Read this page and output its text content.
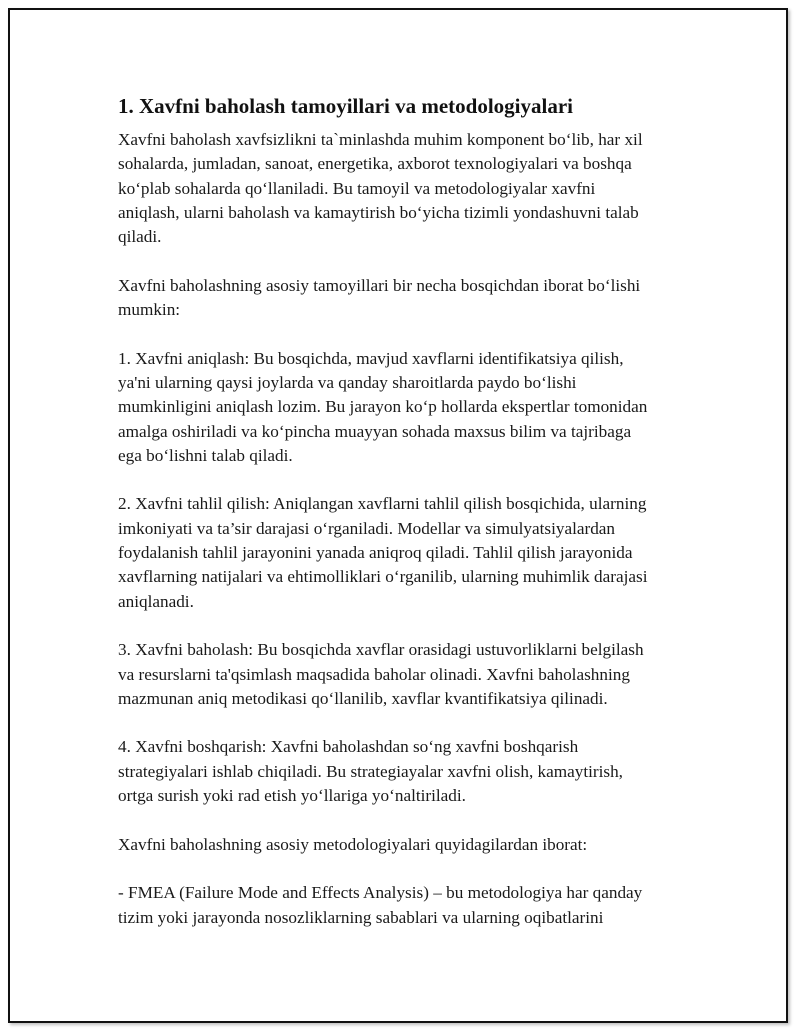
1. Xavfni baholash tamoyillari va metodologiyalari

Xavfni baholash xavfsizlikni ta`minlashda muhim komponent bo‘lib, har xil
sohalarda, jumladan, sanoat, energetika, axborot texnologiyalari va boshqa
ko‘plab sohalarda qo‘llaniladi. Bu tamoyil va metodologiyalar xavfni
aniqlash, ularni baholash va kamaytirish bo‘yicha tizimli yondashuvni talab
qiladi.

Xavfni baholashning asosiy tamoyillari bir necha bosqichdan iborat bo‘lishi
mumkin:

1. Xavfni aniqlash: Bu bosqichda, mavjud xavflarni identifikatsiya qilish,
ya'ni ularning qaysi joylarda va qanday sharoitlarda paydo bo‘lishi
mumkinligini aniqlash lozim. Bu jarayon ko‘p hollarda ekspertlar tomonidan
amalga oshiriladi va ko‘pincha muayyan sohada maxsus bilim va tajribaga
ega bo‘lishni talab qiladi.

2. Xavfni tahlil qilish: Aniqlangan xavflarni tahlil qilish bosqichida, ularning
imkoniyati va ta’sir darajasi o‘rganiladi. Modellar va simulyatsiyalardan
foydalanish tahlil jarayonini yanada aniqroq qiladi. Tahlil qilish jarayonida
xavflarning natijalari va ehtimolliklari o‘rganilib, ularning muhimlik darajasi
aniqlanadi.

3. Xavfni baholash: Bu bosqichda xavflar orasidagi ustuvorliklarni belgilash
va resurslarni ta'qsimlash maqsadida baholar olinadi. Xavfni baholashning
mazmunan aniq metodikasi qo‘llanilib, xavflar kvantifikatsiya qilinadi.

4. Xavfni boshqarish: Xavfni baholashdan so‘ng xavfni boshqarish
strategiyalari ishlab chiqiladi. Bu strategiayalar xavfni olish, kamaytirish,
ortga surish yoki rad etish yo‘llariga yo‘naltiriladi.

Xavfni baholashning asosiy metodologiyalari quyidagilardan iborat:

- FMEA (Failure Mode and Effects Analysis) – bu metodologiya har qanday
tizim yoki jarayonda nosozliklarning sabablari va ularning oqibatlarini
